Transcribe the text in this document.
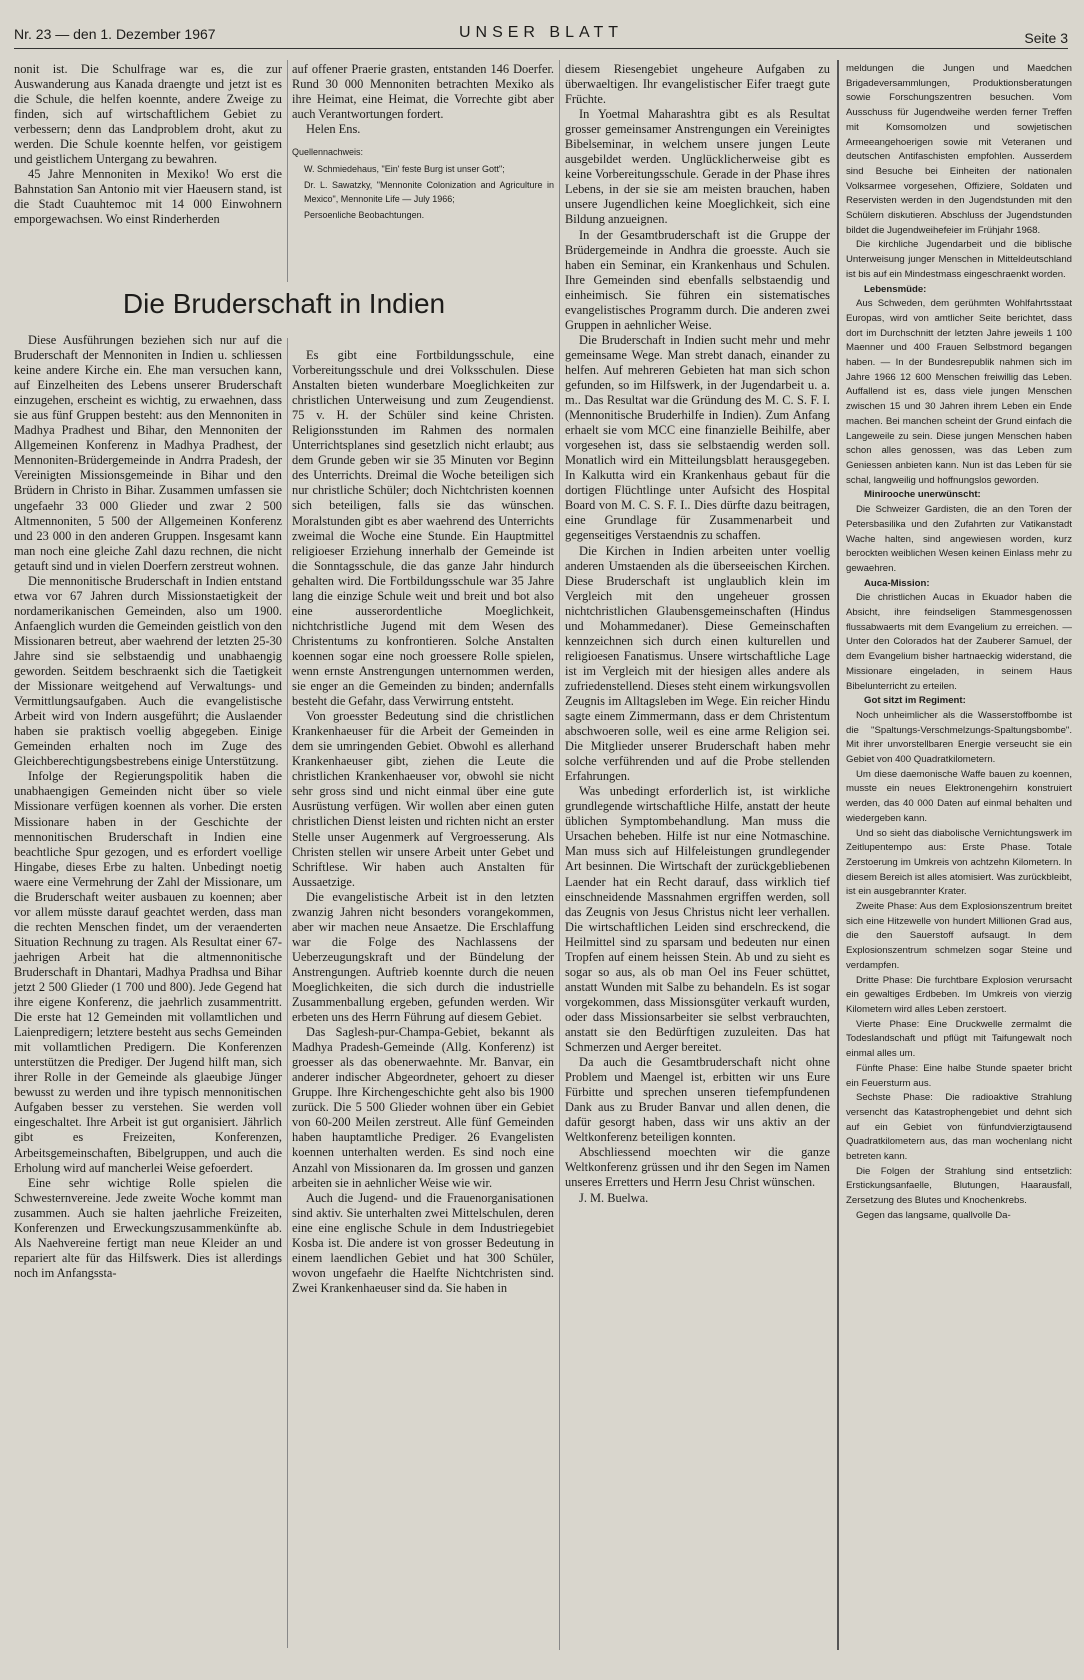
Nr. 23 — den 1. Dezember 1967	UNSER BLATT	Seite 3

nonit ist. Die Schulfrage war es, die zur Auswanderung aus Kanada draengte und jetzt ist es die Schule, die helfen koennte, andere Zweige zu finden, sich auf wirtschaftlichem Gebiet zu verbessern; denn das Landproblem droht, akut zu werden. Die Schule koennte helfen, vor geistigem und geistlichem Untergang zu bewahren.

45 Jahre Mennoniten in Mexiko! Wo erst die Bahnstation San Antonio mit vier Haeusern stand, ist die Stadt Cuauhtemoc mit 14 000 Einwohnern emporgewachsen. Wo einst Rinderherden

auf offener Praerie grasten, entstanden 146 Doerfer. Rund 30 000 Mennoniten betrachten Mexiko als ihre Heimat, eine Heimat, die Vorrechte gibt aber auch Verantwortungen fordert.

Helen Ens.

Quellennachweis:

W. Schmiedehaus, "Ein' feste Burg ist unser Gott";

Dr. L. Sawatzky, "Mennonite Colonization and Agriculture in Mexico", Mennonite Life — July 1966;

Persoenliche Beobachtungen.

Die Bruderschaft in Indien

Diese Ausführungen beziehen sich nur auf die Bruderschaft der Mennoniten in Indien u. schliessen keine andere Kirche ein. Ehe man versuchen kann, auf Einzelheiten des Lebens unserer Bruderschaft einzugehen, erscheint es wichtig, zu erwaehnen, dass sie aus fünf Gruppen besteht: aus den Mennoniten in Madhya Pradhest und Bihar, den Mennoniten der Allgemeinen Konferenz in Madhya Pradhest, der Mennoniten-Brüdergemeinde in Andrra Pradesh, der Vereinigten Missionsgemeinde in Bihar und den Brüdern in Christo in Bihar. Zusammen umfassen sie ungefaehr 33 000 Glieder und zwar 2 500 Altmennoniten, 5 500 der Allgemeinen Konferenz und 23 000 in den anderen Gruppen. Insgesamt kann man noch eine gleiche Zahl dazu rechnen, die nicht getauft sind und in vielen Doerfern zerstreut wohnen.

Die mennonitische Bruderschaft in Indien entstand etwa vor 67 Jahren durch Missionstaetigkeit der nordamerikanischen Gemeinden, also um 1900. Anfaenglich wurden die Gemeinden geistlich von den Missionaren betreut, aber waehrend der letzten 25-30 Jahre sind sie selbstaendig und unabhaengig geworden. Seitdem beschraenkt sich die Taetigkeit der Missionare weitgehend auf Verwaltungs- und Vermittlungsaufgaben. Auch die evangelistische Arbeit wird von Indern ausgeführt; die Auslaender haben sie praktisch voellig abgegeben. Einige Gemeinden erhalten noch im Zuge des Gleichberechtigungsbestrebens einige Unterstützung.

Infolge der Regierungspolitik haben die unabhaengigen Gemeinden nicht über so viele Missionare verfügen koennen als vorher. Die ersten Missionare haben in der Geschichte der mennonitischen Bruderschaft in Indien eine beachtliche Spur gezogen, und es erfordert voellige Hingabe, dieses Erbe zu halten. Unbedingt noetig waere eine Vermehrung der Zahl der Missionare, um die Bruderschaft weiter ausbauen zu koennen; aber vor allem müsste darauf geachtet werden, dass man die rechten Menschen findet, um der veraenderten Situation Rechnung zu tragen. Als Resultat einer 67-jaehrigen Arbeit hat die altmennonitische Bruderschaft in Dhantari, Madhya Pradhsa und Bihar jetzt 2 500 Glieder (1 700 und 800). Jede Gegend hat ihre eigene Konferenz, die jaehrlich zusammentritt. Die erste hat 12 Gemeinden mit vollamtlichen und Laienpredigern; letztere besteht aus sechs Gemeinden mit vollamtlichen Predigern. Die Konferenzen unterstützen die Prediger. Der Jugend hilft man, sich ihrer Rolle in der Gemeinde als glaeubige Jünger bewusst zu werden und ihre typisch mennonitischen Aufgaben besser zu verstehen. Sie werden voll eingeschaltet. Ihre Arbeit ist gut organisiert. Jährlich gibt es Freizeiten, Konferenzen, Arbeitsgemeinschaften, Bibelgruppen, und auch die Erholung wird auf mancherlei Weise gefoerdert.

Eine sehr wichtige Rolle spielen die Schwesternvereine. Jede zweite Woche kommt man zusammen. Auch sie halten jaehrliche Freizeiten, Konferenzen und Erweckungszusammenkünfte ab. Als Naehvereine fertigt man neue Kleider an und repariert alte für das Hilfswerk. Dies ist allerdings noch im Anfangssta-

Es gibt eine Fortbildungsschule, eine Vorbereitungsschule und drei Volksschulen. Diese Anstalten bieten wunderbare Moeglichkeiten zur christlichen Unterweisung und zum Zeugendienst. 75 v. H. der Schüler sind keine Christen. Religionsstunden im Rahmen des normalen Unterrichtsplanes sind gesetzlich nicht erlaubt; aus dem Grunde geben wir sie 35 Minuten vor Beginn des Unterrichts. Dreimal die Woche beteiligen sich nur christliche Schüler; doch Nichtchristen koennen sich beteiligen, falls sie das wünschen. Moralstunden gibt es aber waehrend des Unterrichts zweimal die Woche eine Stunde. Ein Hauptmittel religioeser Erziehung innerhalb der Gemeinde ist die Sonntagsschule, die das ganze Jahr hindurch gehalten wird. Die Fortbildungsschule war 35 Jahre lang die einzige Schule weit und breit und bot also eine ausserordentliche Moeglichkeit, nichtchristliche Jugend mit dem Wesen des Christentums zu konfrontieren. Solche Anstalten koennen sogar eine noch groessere Rolle spielen, wenn ernste Anstrengungen unternommen werden, sie enger an die Gemeinden zu binden; andernfalls besteht die Gefahr, dass Verwirrung entsteht.

Von groesster Bedeutung sind die christlichen Krankenhaeuser für die Arbeit der Gemeinden in dem sie umringenden Gebiet. Obwohl es allerhand Krankenhaeuser gibt, ziehen die Leute die christlichen Krankenhaeuser vor, obwohl sie nicht sehr gross sind und nicht einmal über eine gute Ausrüstung verfügen. Wir wollen aber einen guten christlichen Dienst leisten und richten nicht an erster Stelle unser Augenmerk auf Vergroesserung. Als Christen stellen wir unsere Arbeit unter Gebet und Schriftlese. Wir haben auch Anstalten für Aussaetzige.

Die evangelistische Arbeit ist in den letzten zwanzig Jahren nicht besonders vorangekommen, aber wir machen neue Ansaetze. Die Erschlaffung war die Folge des Nachlassens der Ueberzeugungskraft und der Bündelung der Anstrengungen. Auftrieb koennte durch die neuen Moeglichkeiten, die sich durch die industrielle Zusammenballung ergeben, gefunden werden. Wir erbeten uns des Herrn Führung auf diesem Gebiet.

Das Saglesh-pur-Champa-Gebiet, bekannt als Madhya Pradesh-Gemeinde (Allg. Konferenz) ist groesser als das obenerwaehnte. Mr. Banvar, ein anderer indischer Abgeordneter, gehoert zu dieser Gruppe. Ihre Kirchengeschichte geht also bis 1900 zurück. Die 5 500 Glieder wohnen über ein Gebiet von 60-200 Meilen zerstreut. Alle fünf Gemeinden haben hauptamtliche Prediger. 26 Evangelisten koennen unterhalten werden. Es sind noch eine Anzahl von Missionaren da. Im grossen und ganzen arbeiten sie in aehnlicher Weise wie wir.

Auch die Jugend- und die Frauenorganisationen sind aktiv. Sie unterhalten zwei Mittelschulen, deren eine eine englische Schule in dem Industriegebiet Kosba ist. Die andere ist von grosser Bedeutung in einem laendlichen Gebiet und hat 300 Schüler, wovon ungefaehr die Haelfte Nichtchristen sind. Zwei Krankenhaeuser sind da. Sie haben in

diesem Riesengebiet ungeheure Aufgaben zu überwaeltigen. Ihr evangelistischer Eifer traegt gute Früchte.

In Yoetmal Maharashtra gibt es als Resultat grosser gemeinsamer Anstrengungen ein Vereinigtes Bibelseminar, in welchem unsere jungen Leute ausgebildet werden. Unglücklicherweise gibt es keine Vorbereitungsschule. Gerade in der Phase ihres Lebens, in der sie sie am meisten brauchen, haben unsere Jugendlichen keine Moeglichkeit, sich eine Bildung anzueignen.

In der Gesamtbruderschaft ist die Gruppe der Brüdergemeinde in Andhra die groesste. Auch sie haben ein Seminar, ein Krankenhaus und Schulen. Ihre Gemeinden sind ebenfalls selbstaendig und einheimisch. Sie führen ein sistematisches evangelistisches Programm durch. Die anderen zwei Gruppen in aehnlicher Weise.

Die Bruderschaft in Indien sucht mehr und mehr gemeinsame Wege. Man strebt danach, einander zu helfen. Auf mehreren Gebieten hat man sich schon gefunden, so im Hilfswerk, in der Jugendarbeit u. a. m.. Das Resultat war die Gründung des M. C. S. F. I. (Mennonitische Bruderhilfe in Indien). Zum Anfang erhaelt sie vom MCC eine finanzielle Beihilfe, aber vorgesehen ist, dass sie selbstaendig werden soll. Monatlich wird ein Mitteilungsblatt herausgegeben. In Kalkutta wird ein Krankenhaus gebaut für die dortigen Flüchtlinge unter Aufsicht des Hospital Board von M. C. S. F. I.. Dies dürfte dazu beitragen, eine Grundlage für Zusammenarbeit und gegenseitiges Verstaendnis zu schaffen.

Die Kirchen in Indien arbeiten unter voellig anderen Umstaenden als die überseeischen Kirchen. Diese Bruderschaft ist unglaublich klein im Vergleich mit den ungeheuer grossen nichtchristlichen Glaubensgemeinschaften (Hindus und Mohammedaner). Diese Gemeinschaften kennzeichnen sich durch einen kulturellen und religioesen Fanatismus. Unsere wirtschaftliche Lage ist im Vergleich mit der hiesigen alles andere als zufriedenstellend. Dieses steht einem wirkungsvollen Zeugnis im Alltagsleben im Wege. Ein reicher Hindu sagte einem Zimmermann, dass er dem Christentum abschwoeren solle, weil es eine arme Religion sei. Die Mitglieder unserer Bruderschaft haben mehr solche verführenden und auf die Probe stellenden Erfahrungen.

Was unbedingt erforderlich ist, ist wirkliche grundlegende wirtschaftliche Hilfe, anstatt der heute üblichen Symptombehandlung. Man muss die Ursachen beheben. Hilfe ist nur eine Notmaschine. Man muss sich auf Hilfeleistungen grundlegender Art besinnen. Die Wirtschaft der zurückgebliebenen Laender hat ein Recht darauf, dass wirklich tief einschneidende Massnahmen ergriffen werden, soll das Zeugnis von Jesus Christus nicht leer verhallen. Die wirtschaftlichen Leiden sind erschreckend, die Heilmittel sind zu sparsam und bedeuten nur einen Tropfen auf einem heissen Stein. Ab und zu sieht es sogar so aus, als ob man Oel ins Feuer schüttet, anstatt Wunden mit Salbe zu behandeln. Es ist sogar vorgekommen, dass Missionsgüter verkauft wurden, oder dass Missionsarbeiter sie selbst verbrauchten, anstatt sie den Bedürftigen zuzuleiten. Das hat Schmerzen und Aerger bereitet.

Da auch die Gesamtbruderschaft nicht ohne Problem und Maengel ist, erbitten wir uns Eure Fürbitte und sprechen unseren tiefempfundenen Dank aus zu Bruder Banvar und allen denen, die dafür gesorgt haben, dass wir uns aktiv an der Weltkonferenz beteiligen konnten.

Abschliessend moechten wir die ganze Weltkonferenz grüssen und ihr den Segen im Namen unseres Erretters und Herrn Jesu Christ wünschen.

J. M. Buelwa.

meldungen die Jungen und Maedchen Brigadeversammlungen, Produktionsberatungen sowie Forschungszentren besuchen. Vom Ausschuss für Jugendweihe werden ferner Treffen mit Komsomolzen und sowjetischen Armeeangehoerigen sowie mit Veteranen und deutschen Antifaschisten empfohlen. Ausserdem sind Besuche bei Einheiten der nationalen Volksarmee vorgesehen, Offiziere, Soldaten und Reservisten werden in den Jugendstunden mit den Schülern diskutieren. Abschluss der Jugendstunden bildet die Jugendweihefeier im Frühjahr 1968.

Die kirchliche Jugendarbeit und die biblische Unterweisung junger Menschen in Mitteldeutschland ist bis auf ein Mindestmass eingeschraenkt worden.

Lebensmüde:

Aus Schweden, dem gerühmten Wohlfahrtsstaat Europas, wird von amtlicher Seite berichtet, dass dort im Durchschnitt der letzten Jahre jeweils 1 100 Maenner und 400 Frauen Selbstmord begangen haben. — In der Bundesrepublik nahmen sich im Jahre 1966 12 600 Menschen freiwillig das Leben. Auffallend ist es, dass viele jungen Menschen zwischen 15 und 30 Jahren ihrem Leben ein Ende machen. Bei manchen scheint der Grund einfach die Langeweile zu sein. Diese jungen Menschen haben schon alles genossen, was das Leben zum Geniessen anbieten kann. Nun ist das Leben für sie schal, langweilig und hoffnungslos geworden.

Minirooche unerwünscht:

Die Schweizer Gardisten, die an den Toren der Petersbasilika und den Zufahrten zur Vatikanstadt Wache halten, sind angewiesen worden, kurz berockten weiblichen Wesen keinen Einlass mehr zu gewaehren.

Auca-Mission:

Die christlichen Aucas in Ekuador haben die Absicht, ihre feindseligen Stammesgenossen flussabwaerts mit dem Evangelium zu erreichen. — Unter den Colorados hat der Zauberer Samuel, der dem Evangelium bisher hartnaeckig widerstand, die Missionare eingeladen, in seinem Haus Bibelunterricht zu erteilen.

Got sitzt im Regiment:

Noch unheimlicher als die Wasserstoffbombe ist die "Spaltungs-Verschmelzungs-Spaltungsbombe". Mit ihrer unvorstellbaren Energie verseucht sie ein Gebiet von 400 Quadratkilometern.

Um diese daemonische Waffe bauen zu koennen, musste ein neues Elektronengehirn konstruiert werden, das 40 000 Daten auf einmal behalten und wiedergeben kann.

Und so sieht das diabolische Vernichtungswerk im Zeitlupentempo aus: Erste Phase. Totale Zerstoerung im Umkreis von achtzehn Kilometern. In diesem Bereich ist alles atomisiert. Was zurückbleibt, ist ein ausgebrannter Krater.

Zweite Phase: Aus dem Explosionszentrum breitet sich eine Hitzewelle von hundert Millionen Grad aus, die den Sauerstoff aufsaugt. In dem Explosionszentrum schmelzen sogar Steine und verdampfen.

Dritte Phase: Die furchtbare Explosion verursacht ein gewaltiges Erdbeben. Im Umkreis von vierzig Kilometern wird alles Leben zerstoert.

Vierte Phase: Eine Druckwelle zermalmt die Todeslandschaft und pflügt mit Taifungewalt noch einmal alles um.

Fünfte Phase: Eine halbe Stunde spaeter bricht ein Feuersturm aus.

Sechste Phase: Die radioaktive Strahlung versencht das Katastrophengebiet und dehnt sich auf ein Gebiet von fünfundvierzigtausend Quadratkilometern aus, das man wochenlang nicht betreten kann.

Die Folgen der Strahlung sind entsetzlich: Erstickungsanfaelle, Blutungen, Haarausfall, Zersetzung des Blutes und Knochenkrebs.

Gegen das langsame, quallvolle Da-
